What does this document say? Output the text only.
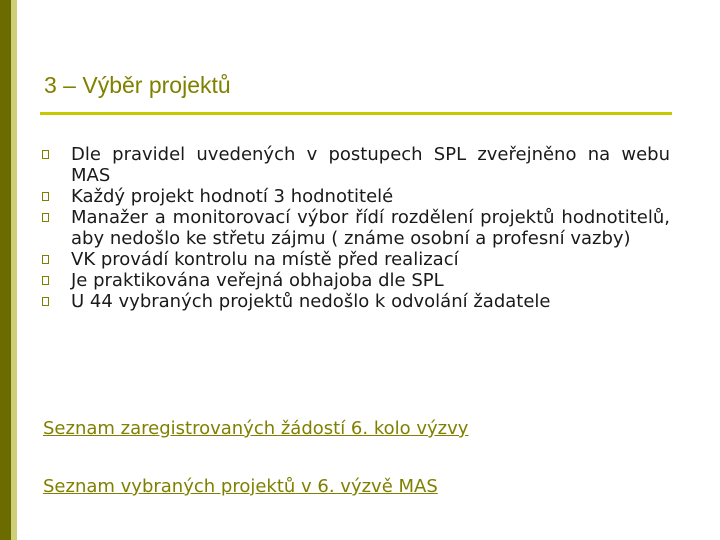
3 – Výběr projektů
Dle pravidel uvedených v postupech SPL zveřejněno na webu MAS
Každý projekt hodnotí 3 hodnotitelé
Manažer a monitorovací výbor řídí rozdělení projektů hodnotitelů, aby nedošlo ke střetu zájmu ( známe osobní a profesní vazby)
VK provádí kontrolu na místě před realizací
Je praktikována veřejná obhajoba dle SPL
U 44 vybraných projektů nedošlo k odvolání žadatele
Seznam zaregistrovaných žádostí 6. kolo výzvy
Seznam vybraných projektů v 6. výzvě MAS
